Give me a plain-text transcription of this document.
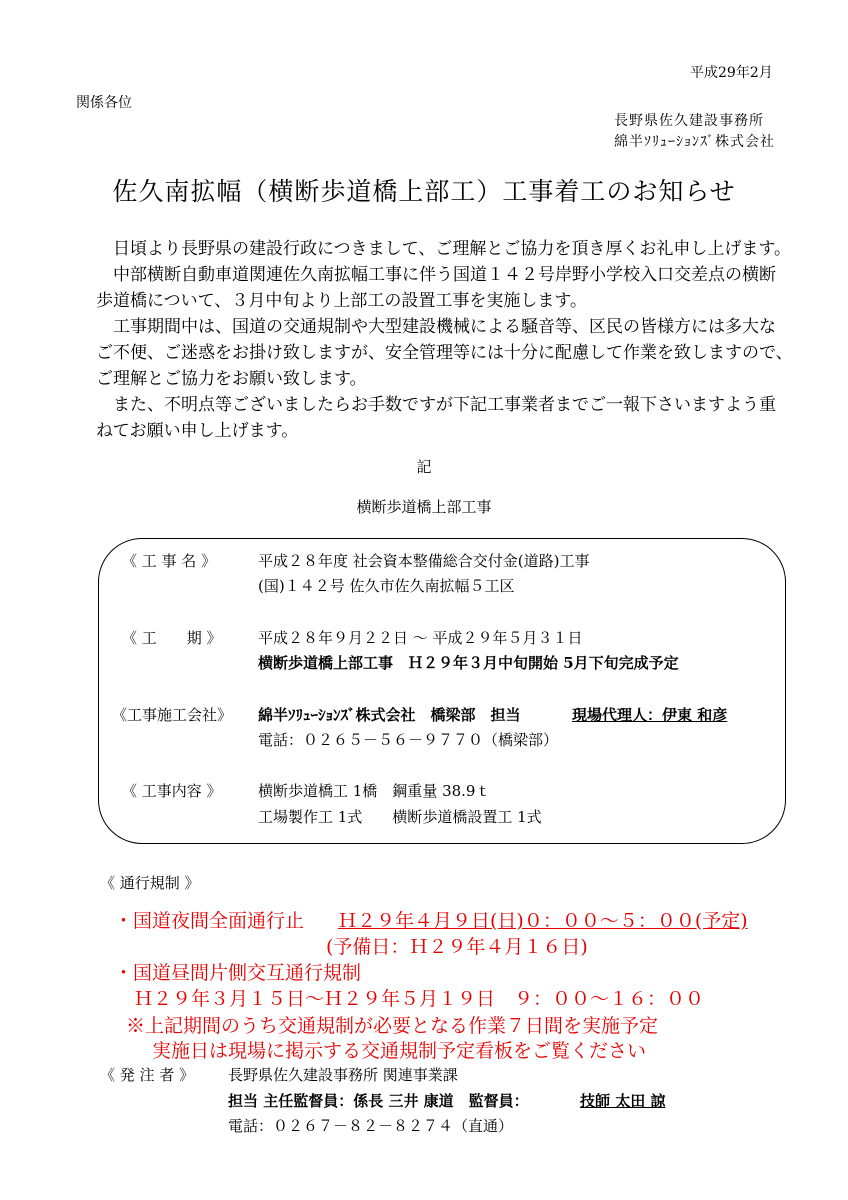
平成29年2月
関係各位
長野県佐久建設事務所
綿半ｿﾘｭｰｼｮﾝｽﾞ株式会社
佐久南拡幅（横断歩道橋上部工）工事着工のお知らせ
　日頃より長野県の建設行政につきまして、ご理解とご協力を頂き厚くお礼申し上げます。
　中部横断自動車道関連佐久南拡幅工事に伴う国道１４２号岸野小学校入口交差点の横断
歩道橋について、３月中旬より上部工の設置工事を実施します。
　工事期間中は、国道の交通規制や大型建設機械による騒音等、区民の皆様方には多大な
ご不便、ご迷惑をお掛け致しますが、安全管理等には十分に配慮して作業を致しますので、
ご理解とご協力をお願い致します。
　また、不明点等ございましたらお手数ですが下記工事業者までご一報下さいますよう重
ねてお願い申し上げます。
記
横断歩道橋上部工事
《 工 事 名 》	平成２８年度 社会資本整備総合交付金(道路)工事
(国)１４２号 佐久市佐久南拡幅５工区
《 工　　期 》 平成２８年９月２２日 ～ 平成２９年５月３１日
横断歩道橋上部工事　Ｈ２９年３月中旬開始 5月下旬完成予定
《工事施工会社》 綿半ｿﾘｭｰｼｮﾝｽﾞ株式会社　橋梁部　担当	現場代理人：伊東 和彦
電話：０２６５－５６－９７７０（橋梁部）
《 工事内容 》 横断歩道橋工 1橋　鋼重量 38.9ｔ
工場製作工 1式　　横断歩道橋設置工 1式
《 通行規制 》
・国道夜間全面通行止 Ｈ２９年４月９日(日)０：００～５：００(予定)
(予備日：Ｈ２９年４月１６日)
・国道昼間片側交互通行規制
Ｈ２９年３月１５日～Ｈ２９年５月１９日　９：００～１６：００
※上記期間のうち交通規制が必要となる作業７日間を実施予定
実施日は現場に掲示する交通規制予定看板をご覧ください
《 発 注 者 》 長野県佐久建設事務所 関連事業課
担当 主任監督員：係長 三井 康道　監督員：	技師 太田 諒
電話：０２６７－８２－８２７４（直通）
